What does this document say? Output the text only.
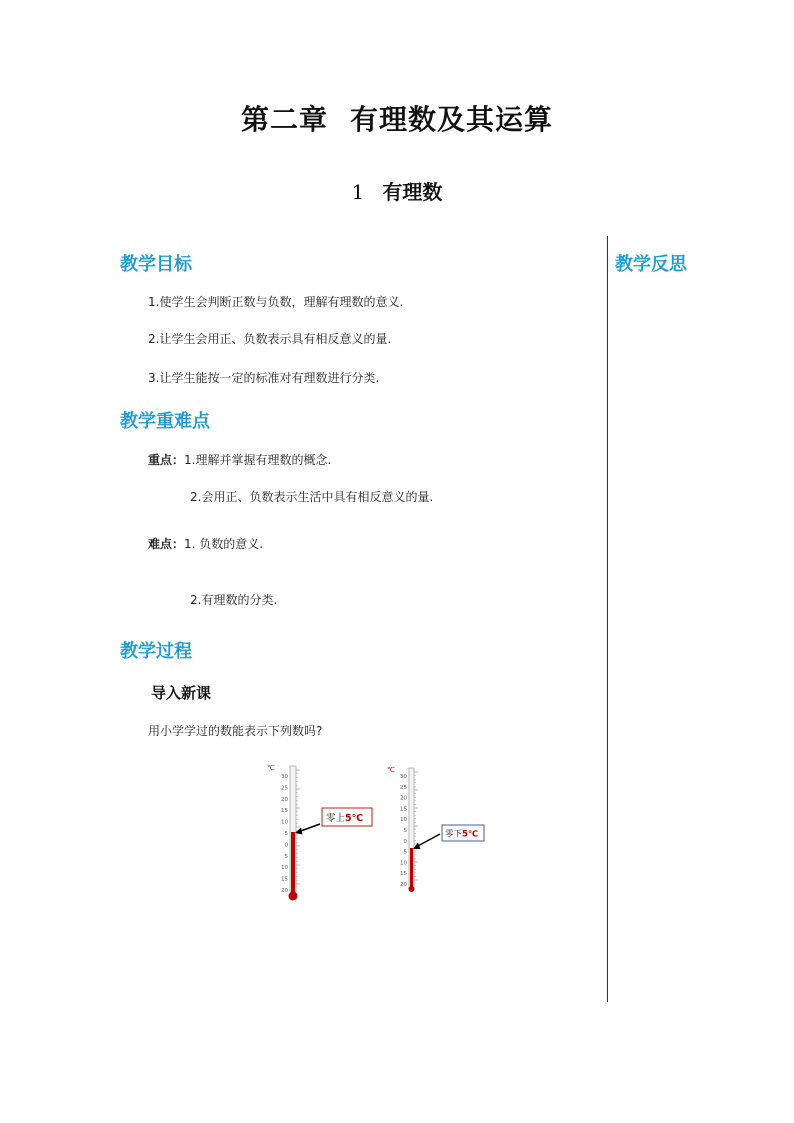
第二章 有理数及其运算
1 有理数
教学目标
1.使学生会判断正数与负数，理解有理数的意义.
2.让学生会用正、负数表示具有相反意义的量.
3.让学生能按一定的标准对有理数进行分类.
教学反思
教学重难点
重点：1.理解并掌握有理数的概念.
2.会用正、负数表示生活中具有相反意义的量.
难点：1. 负数的意义.
2.有理数的分类.
教学过程
导入新课
用小学学过的数能表示下列数吗?
℃
30
25
20
15
10
5
0
5
10
15
20
零上5℃
℃
30
25
20
15
10
5
0
5
10
15
20
零下5℃
